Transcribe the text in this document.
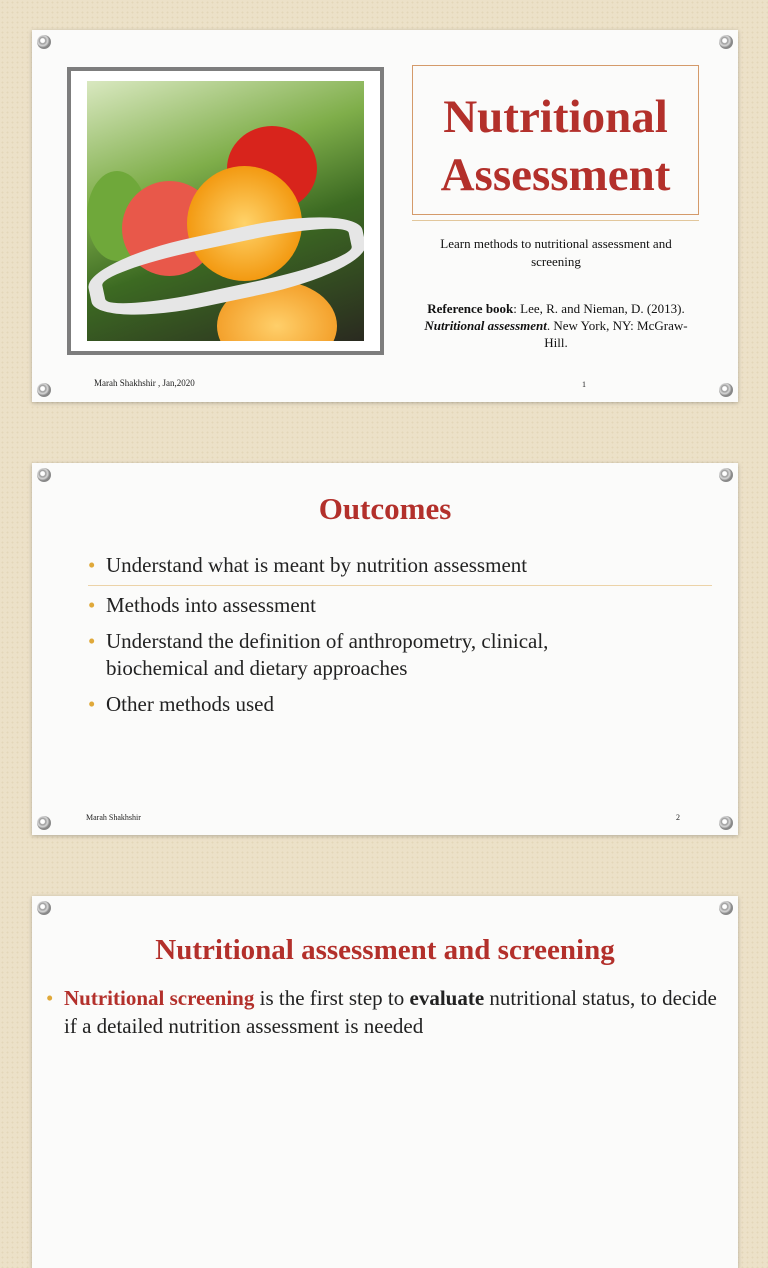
Nutritional
Assessment
Learn methods to nutritional assessment and screening
Reference book: Lee, R. and Nieman, D. (2013). Nutritional assessment. New York, NY: McGraw-Hill.
Marah Shakhshir , Jan,2020	1
Outcomes
• Understand what is meant by nutrition assessment
• Methods into assessment
• Understand the definition of anthropometry, clinical, biochemical and dietary approaches
• Other methods used
Marah Shakhshir	2
Nutritional assessment and screening
• Nutritional screening is the first step to evaluate nutritional status, to decide if a detailed nutrition assessment is needed
